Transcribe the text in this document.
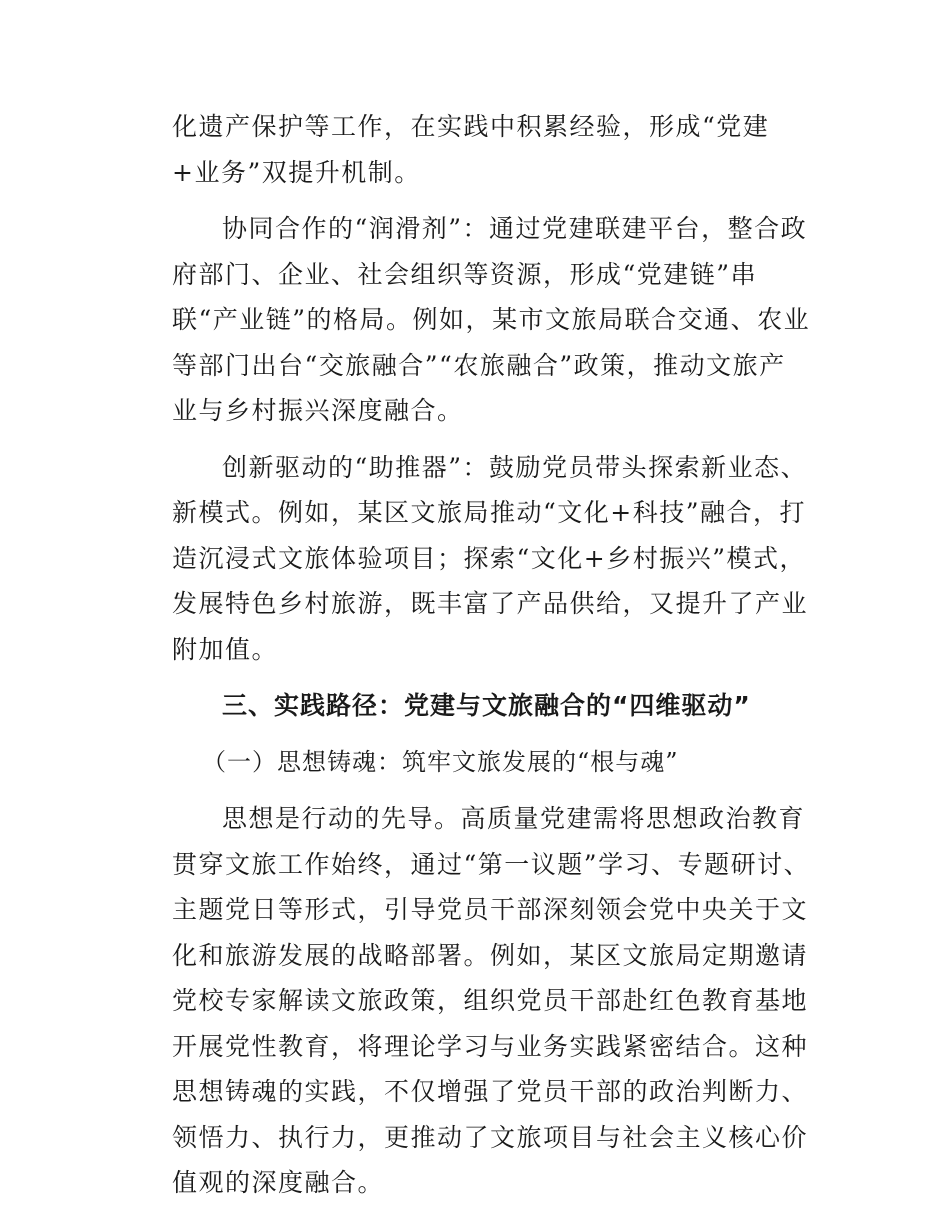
化遗产保护等工作，在实践中积累经验，形成“党建+业务”双提升机制。

协同合作的“润滑剂”：通过党建联建平台，整合政府部门、企业、社会组织等资源，形成“党建链”串联“产业链”的格局。例如，某市文旅局联合交通、农业等部门出台“交旅融合”“农旅融合”政策，推动文旅产业与乡村振兴深度融合。

创新驱动的“助推器”：鼓励党员带头探索新业态、新模式。例如，某区文旅局推动“文化+科技”融合，打造沉浸式文旅体验项目；探索“文化+乡村振兴”模式，发展特色乡村旅游，既丰富了产品供给，又提升了产业附加值。

三、实践路径：党建与文旅融合的“四维驱动”

（一）思想铸魂：筑牢文旅发展的“根与魂”

思想是行动的先导。高质量党建需将思想政治教育贯穿文旅工作始终，通过“第一议题”学习、专题研讨、主题党日等形式，引导党员干部深刻领会党中央关于文化和旅游发展的战略部署。例如，某区文旅局定期邀请党校专家解读文旅政策，组织党员干部赴红色教育基地开展党性教育，将理论学习与业务实践紧密结合。这种思想铸魂的实践，不仅增强了党员干部的政治判断力、领悟力、执行力，更推动了文旅项目与社会主义核心价值观的深度融合。
